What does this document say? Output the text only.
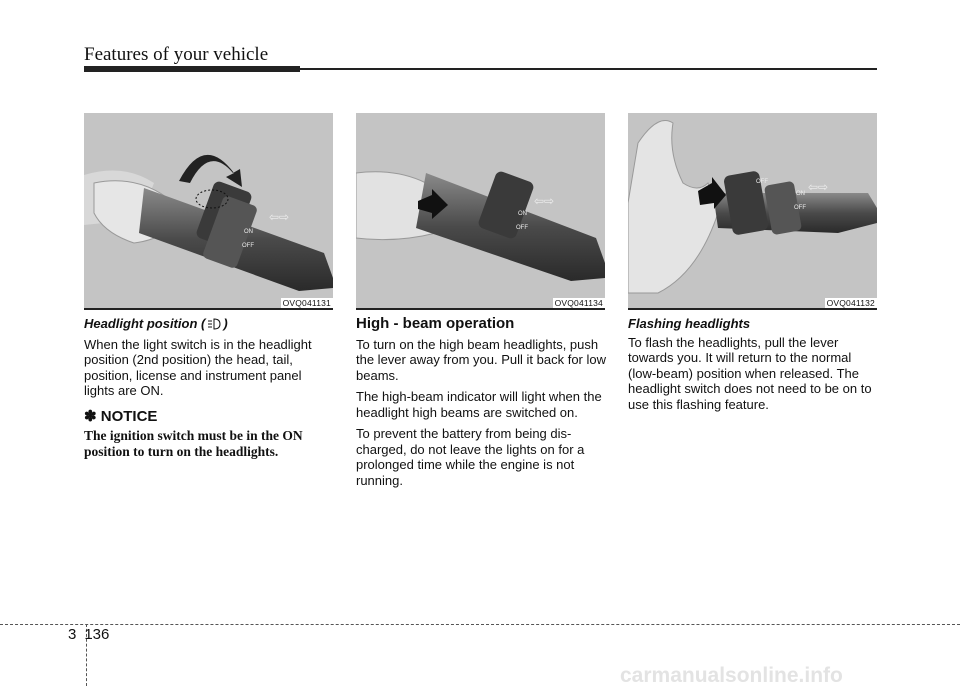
Features of your vehicle
ON
OFF
⇦⇨
OVQ041131
ON
OFF
⇦⇨
OVQ041134
OFF
ON
OFF
⇦⇨
OVQ041132
Headlight position ( )

When the light switch is in the headlight position (2nd position) the head, tail, position, license and instrument panel lights are ON.

✽ NOTICE
The ignition switch must be in the ON position to turn on the headlights.
High - beam operation

To turn on the high beam headlights, push the lever away from you. Pull it back for low beams.

The high-beam indicator will light when the headlight high beams are switched on.

To prevent the battery from being dis-charged, do not leave the lights on for a prolonged time while the engine is not running.

Flashing headlights

To flash the headlights, pull the lever towards you. It will return to the normal (low-beam) position when released. The headlight switch does not need to be on to use this flashing feature.

3 136
carmanualsonline.info
